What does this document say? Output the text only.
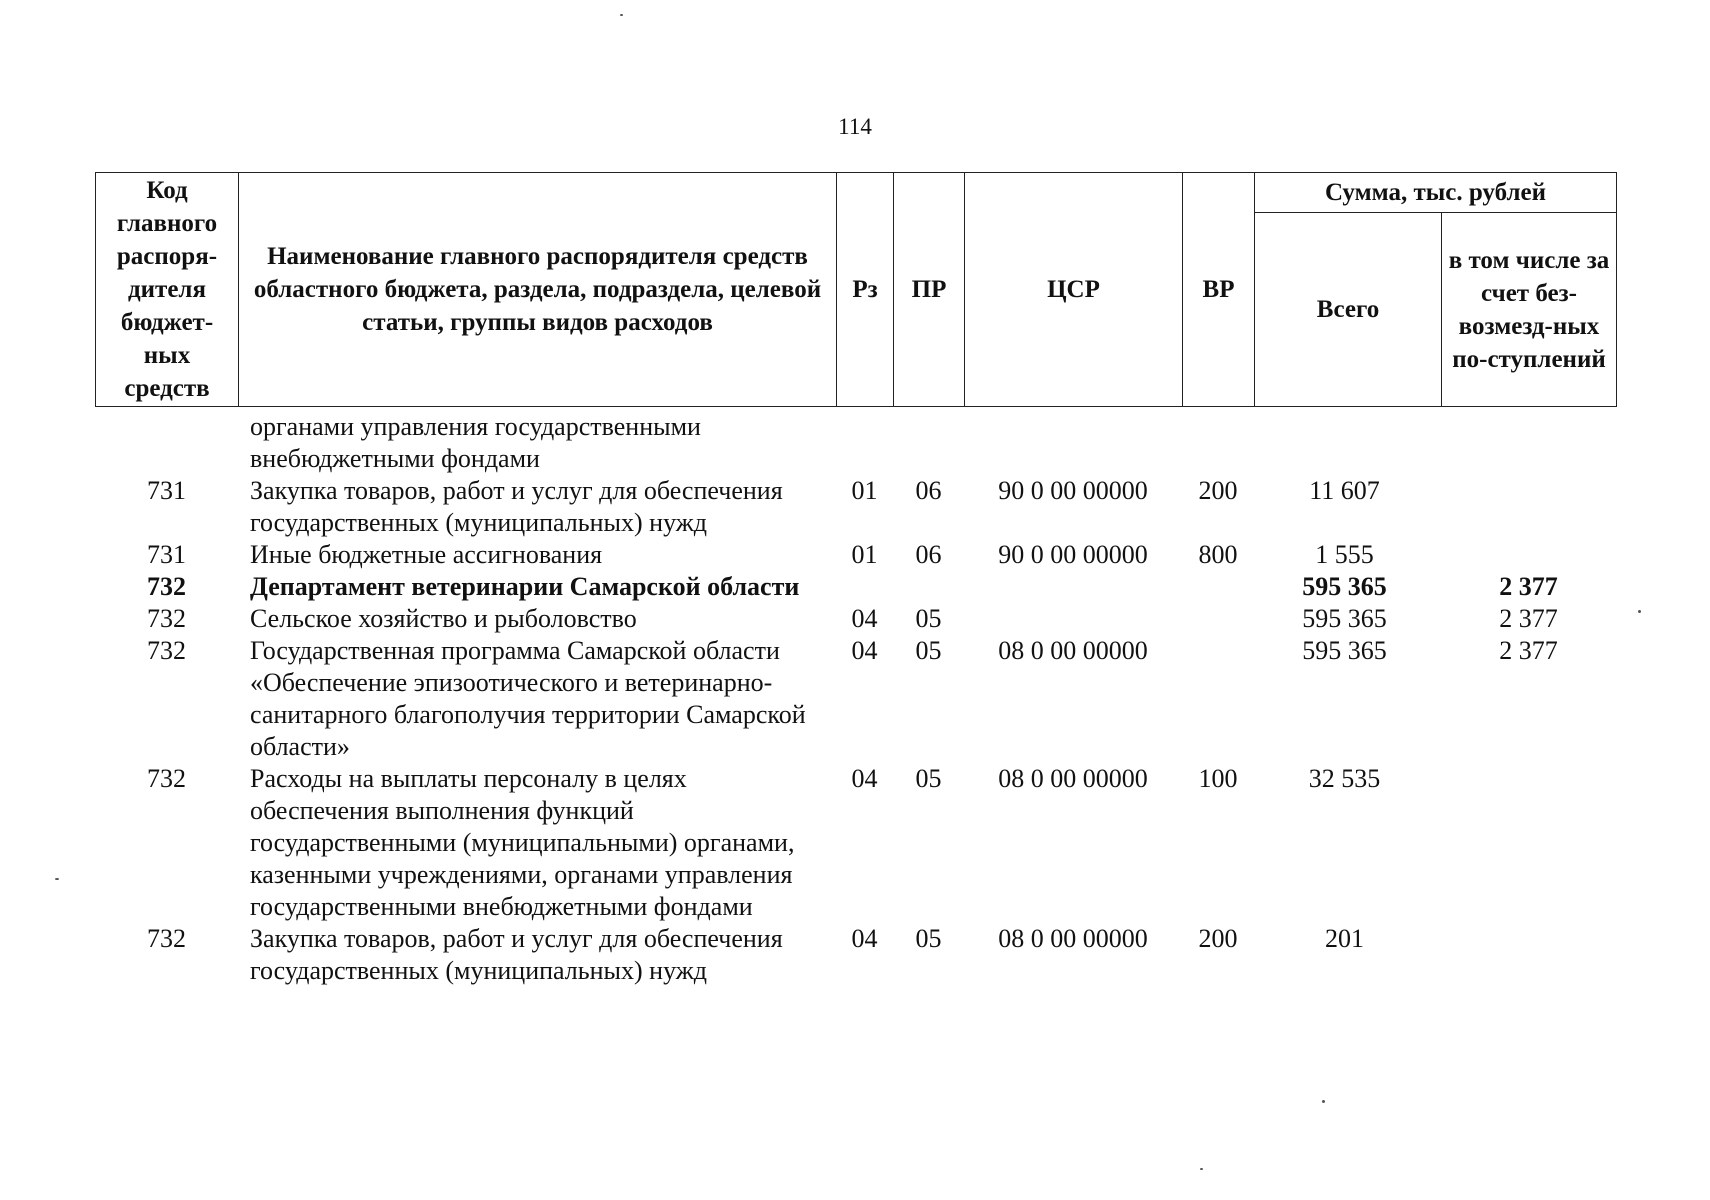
114
Код главного распоря-дителя бюджет-ных средств	Наименование главного распорядителя средств областного бюджета, раздела, подраздела, целевой статьи, группы видов расходов	Рз	ПР	ЦСР	ВР	Сумма, тыс. рублей	
						Всего	в том числе за счет без-возмезд-ных по-ступлений
	органами управления государственными внебюджетными фондами						
731	Закупка товаров, работ и услуг для обеспечения государственных (муниципальных) нужд	01	06	90 0 00 00000	200	11 607	
731	Иные бюджетные ассигнования	01	06	90 0 00 00000	800	1 555	
732	Департамент ветеринарии Самарской области					595 365	2 377
732	Сельское хозяйство и рыболовство	04	05			595 365	2 377
732	Государственная программа Самарской области «Обеспечение эпизоотического и ветеринарно-санитарного благополучия территории Самарской области»	04	05	08 0 00 00000		595 365	2 377
732	Расходы на выплаты персоналу в целях обеспечения выполнения функций государственными (муниципальными) органами, казенными учреждениями, органами управления государственными внебюджетными фондами	04	05	08 0 00 00000	100	32 535	
732	Закупка товаров, работ и услуг для обеспечения государственных (муниципальных) нужд	04	05	08 0 00 00000	200	201	
